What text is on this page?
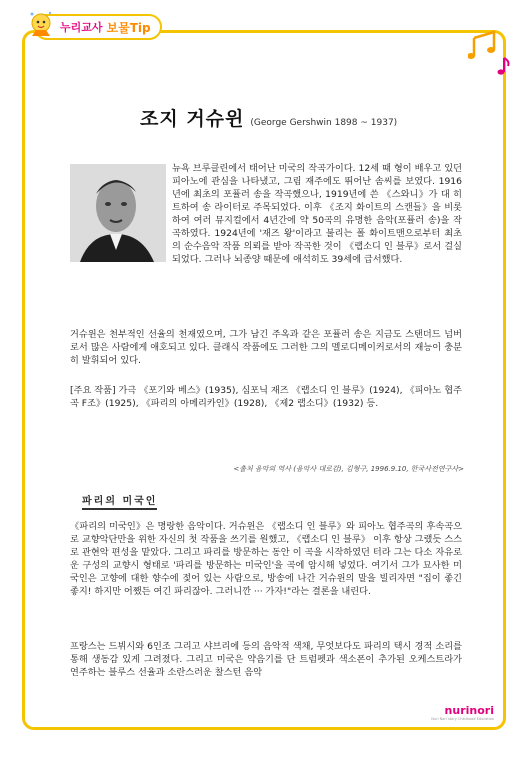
누리교사 보물Tip
조지 거슈윈 (George Gershwin 1898 ~ 1937)
뉴욕 브루클린에서 태어난 미국의 작곡가이다. 12세 때 형이 배우고 있던 피아노에 관심을 나타냈고, 그림 재주에도 뛰어난 솜씨를 보였다. 1916년에 최초의 포퓰러 송을 작곡했으나, 1919년에 쓴 《스와니》가 대 히트하여 송 라이터로 주목되었다. 이후 《조지 화이트의 스캔들》을 비롯하여 여러 뮤지컬에서 4년간에 약 50곡의 유명한 음악(포퓰러 송)을 작곡하였다. 1924년에 '재즈 왕'이라고 불리는 폴 화이트맨으로부터 최초의 순수음악 작품 의뢰를 받아 작곡한 것이 《랩소디 인 블루》로서 걸실되었다. 그러나 뇌종양 때문에 애석히도 39세에 급서했다.
거슈윈은 천부적인 선율의 천재였으며, 그가 남긴 주옥과 같은 포퓰러 송은 지금도 스탠더드 넘버로서 많은 사람에게 애호되고 있다. 클래식 작품에도 그러한 그의 멜로디메이커로서의 재능이 충분히 발휘되어 있다.
[주요 작품] 가극 《포기와 베스》(1935), 심포닉 재즈 《랩소디 인 블루》(1924), 《피아노 협주곡 F조》(1925), 《파리의 아메리카인》(1928), 《제2 랩소디》(1932) 등.
<출처 음악의 역사 (음악사 대로감), 김형구, 1996.9.10, 한국사전연구사>
파리의 미국인
《파리의 미국인》은 명랑한 음악이다. 거슈윈은 《랩소디 인 블루》와 피아노 협주곡의 후속곡으로 교향악단만을 위한 자신의 첫 작품을 쓰기를 원했고, 《랩소디 인 블루》 이후 항상 그랬듯 스스로 관현악 편성을 맡았다. 그리고 파리를 방문하는 동안 이 곡을 시작하였던 터라 그는 다소 자유로운 구성의 교향시 형태로 '파리를 방문하는 미국인'을 곡에 암시해 넣었다. 여기서 그가 묘사한 미국인은 고향에 대한 향수에 젖어 있는 사람으로, 방송에 나간 거슈윈의 말을 빌리자면 "집이 좋긴 좋지! 하지만 어쨌든 여긴 파리잖아. 그러니깐 ··· 가자!"라는 결론을 내린다.
프랑스는 드뷔시와 6인조 그리고 샤브리에 등의 음악적 색채, 무엇보다도 파리의 택시 경적 소리를 통해 생동감 있게 그려졌다. 그리고 미국은 약음기를 단 트럼펫과 색소폰이 추가된 오케스트라가 연주하는 블루스 선율과 소란스러운 찰스턴 음악
nurinori
Nuri Nori story Childhood Education
